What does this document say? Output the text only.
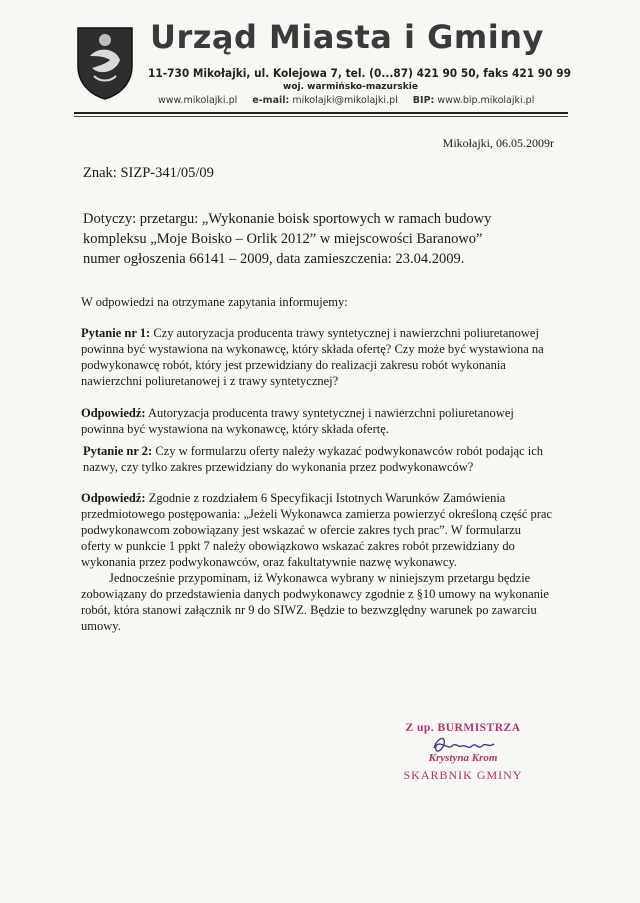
Urząd Miasta i Gminy
11-730 Mikołajki, ul. Kolejowa 7, tel. (0...87) 421 90 50, faks 421 90 99
woj. warmińsko-mazurskie
www.mikolajki.pl e-mail: mikolajki@mikolajki.pl BIP: www.bip.mikolajki.pl
Mikołajki, 06.05.2009r
Znak: SIZP-341/05/09
Dotyczy: przetargu: „Wykonanie boisk sportowych w ramach budowy
kompleksu „Moje Boisko – Orlik 2012” w miejscowości Baranowo”
numer ogłoszenia 66141 – 2009, data zamieszczenia: 23.04.2009.
W odpowiedzi na otrzymane zapytania informujemy:
Pytanie nr 1: Czy autoryzacja producenta trawy syntetycznej i nawierzchni poliuretanowej
powinna być wystawiona na wykonawcę, który składa ofertę? Czy może być wystawiona na
podwykonawcę robót, który jest przewidziany do realizacji zakresu robót wykonania
nawierzchni poliuretanowej i z trawy syntetycznej?
Odpowiedź: Autoryzacja producenta trawy syntetycznej i nawierzchni poliuretanowej
powinna być wystawiona na wykonawcę, który składa ofertę.
Pytanie nr 2: Czy w formularzu oferty należy wykazać podwykonawców robót podając ich
nazwy, czy tylko zakres przewidziany do wykonania przez podwykonawców?
Odpowiedź: Zgodnie z rozdziałem 6 Specyfikacji Istotnych Warunków Zamówienia
przedmiotowego postępowania: „Jeżeli Wykonawca zamierza powierzyć określoną część prac
podwykonawcom zobowiązany jest wskazać w ofercie zakres tych prac”. W formularzu
oferty w punkcie 1 ppkt 7 należy obowiązkowo wskazać zakres robót przewidziany do
wykonania przez podwykonawców, oraz fakultatywnie nazwę wykonawcy.
Jednocześnie przypominam, iż Wykonawca wybrany w niniejszym przetargu będzie
zobowiązany do przedstawienia danych podwykonawcy zgodnie z §10 umowy na wykonanie
robót, która stanowi załącznik nr 9 do SIWZ. Będzie to bezwzględny warunek po zawarciu
umowy.
Z up. BURMISTRZA
Krystyna Krom
SKARBNIK GMINY
